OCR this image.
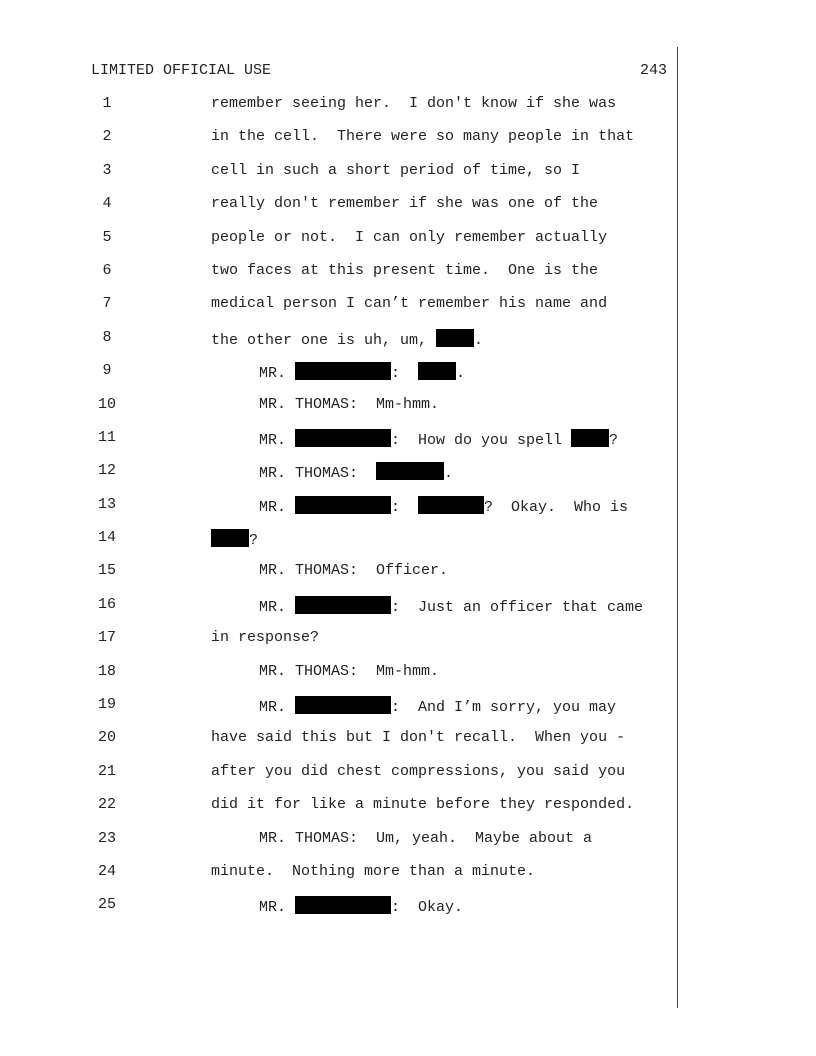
LIMITED OFFICIAL USE	243
1	remember seeing her.  I don't know if she was
2	in the cell.  There were so many people in that
3	cell in such a short period of time, so I
4	really don't remember if she was one of the
5	people or not.  I can only remember actually
6	two faces at this present time.  One is the
7	medical person I can’t remember his name and
8	the other one is uh, um,	.
9	MR.	:	.
10	MR. THOMAS:  Mm-hmm.
11	MR.	:  How do you spell	?
12	MR. THOMAS:	.
13	MR.	:	?  Okay.  Who is
14	?
15	MR. THOMAS:  Officer.
16	MR.	:  Just an officer that came
17	in response?
18	MR. THOMAS:  Mm-hmm.
19	MR.	:  And I’m sorry, you may
20	have said this but I don't recall.  When you -
21	after you did chest compressions, you said you
22	did it for like a minute before they responded.
23	MR. THOMAS:  Um, yeah.  Maybe about a
24	minute.  Nothing more than a minute.
25	MR.	:  Okay.
